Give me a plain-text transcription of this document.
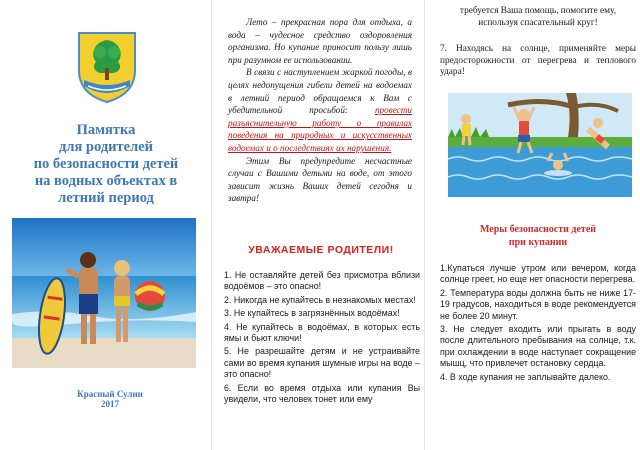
Памятка
для родителей
по безопасности детей
на водных объектах в
летний период
Красный Сулин
2017

Лето – прекрасная пора для отдыха, а вода – чудесное средство оздоровления организма. Но купание приносит пользу лишь при разумном ее использовании.

В связи с наступлением жаркой погоды, в целях недопущения гибели детей на водоемах в летний период обращаемся к Вам с убедительной просьбой: провести разъяснительную работу о правилах поведения на природных и искусственных водоемах и о последствиях их нарушения.

Этим Вы предупредите несчастные случаи с Вашими детьми на воде, от этого зависит жизнь Ваших детей сегодня и завтра!

УВАЖАЕМЫЕ РОДИТЕЛИ!

1. Не оставляйте детей без присмотра вблизи водоёмов – это опасно!

2. Никогда не купайтесь в незнакомых местах!

3. Не купайтесь в загрязнённых водоёмах!

4. Не купайтесь в водоёмах, в которых есть ямы и бьют ключи!

5. Не разрешайте детям и не устраивайте сами во время купания шумные игры на воде – это опасно!

6. Если во время отдыха или купания Вы увидели, что человек тонет или ему

требуется Ваша помощь, помогите ему, используя спасательный круг!

7. Находясь на солнце, применяйте меры предосторожности от перегрева и теплового удара!

Меры безопасности детей
при купании

1.Купаться лучше утром или вечером, когда солнце греет, но еще нет опасности перегрева.

2. Температура воды должна быть не ниже 17-19 градусов, находиться в воде рекомендуется не более 20 минут.

3. Не следует входить или прыгать в воду после длительного пребывания на солнце, т.к. при охлаждении в воде наступает сокращение мышц, что привлечет остановку сердца.

4. В ходе купания не заплывайте далеко.
